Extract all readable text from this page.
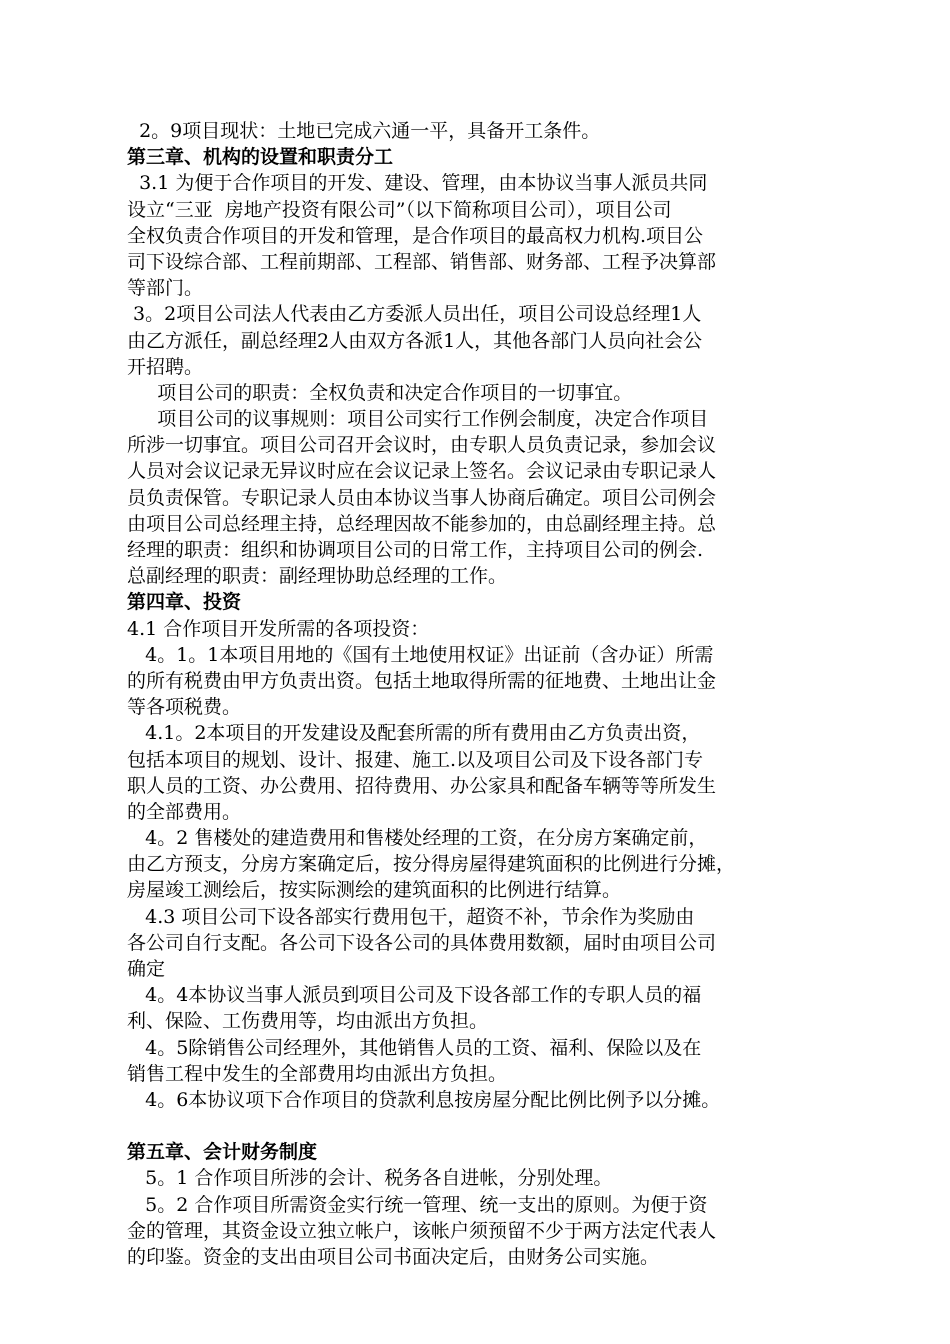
2。9项目现状：土地已完成六通一平，具备开工条件。
第三章、机构的设置和职责分工
3.1 为便于合作项目的开发、建设、管理，由本协议当事人派员共同
设立“三亚  房地产投资有限公司”（以下简称项目公司），项目公司
全权负责合作项目的开发和管理，是合作项目的最高权力机构.项目公
司下设综合部、工程前期部、工程部、销售部、财务部、工程予决算部
等部门。
3。2项目公司法人代表由乙方委派人员出任，项目公司设总经理1人
由乙方派任，副总经理2人由双方各派1人，其他各部门人员向社会公
开招聘。
项目公司的职责：全权负责和决定合作项目的一切事宜。
项目公司的议事规则：项目公司实行工作例会制度，决定合作项目
所涉一切事宜。项目公司召开会议时，由专职人员负责记录，参加会议
人员对会议记录无异议时应在会议记录上签名。会议记录由专职记录人
员负责保管。专职记录人员由本协议当事人协商后确定。项目公司例会
由项目公司总经理主持，总经理因故不能参加的，由总副经理主持。总
经理的职责：组织和协调项目公司的日常工作，主持项目公司的例会.
总副经理的职责：副经理协助总经理的工作。
第四章、投资
4.1 合作项目开发所需的各项投资：
4。1。1本项目用地的《国有土地使用权证》出证前（含办证）所需
的所有税费由甲方负责出资。包括土地取得所需的征地费、土地出让金
等各项税费。
4.1。2本项目的开发建设及配套所需的所有费用由乙方负责出资，
包括本项目的规划、设计、报建、施工.以及项目公司及下设各部门专
职人员的工资、办公费用、招待费用、办公家具和配备车辆等等所发生
的全部费用。
4。2 售楼处的建造费用和售楼处经理的工资，在分房方案确定前，
由乙方预支，分房方案确定后，按分得房屋得建筑面积的比例进行分摊，
房屋竣工测绘后，按实际测绘的建筑面积的比例进行结算。
4.3 项目公司下设各部实行费用包干，超资不补，节余作为奖励由
各公司自行支配。各公司下设各公司的具体费用数额，届时由项目公司
确定
4。4本协议当事人派员到项目公司及下设各部工作的专职人员的福
利、保险、工伤费用等，均由派出方负担。
4。5除销售公司经理外，其他销售人员的工资、福利、保险以及在
销售工程中发生的全部费用均由派出方负担。
4。6本协议项下合作项目的贷款利息按房屋分配比例比例予以分摊。
第五章、会计财务制度
5。1 合作项目所涉的会计、税务各自进帐，分别处理。
5。2 合作项目所需资金实行统一管理、统一支出的原则。为便于资
金的管理，其资金设立独立帐户，该帐户须预留不少于两方法定代表人
的印鉴。资金的支出由项目公司书面决定后，由财务公司实施。
